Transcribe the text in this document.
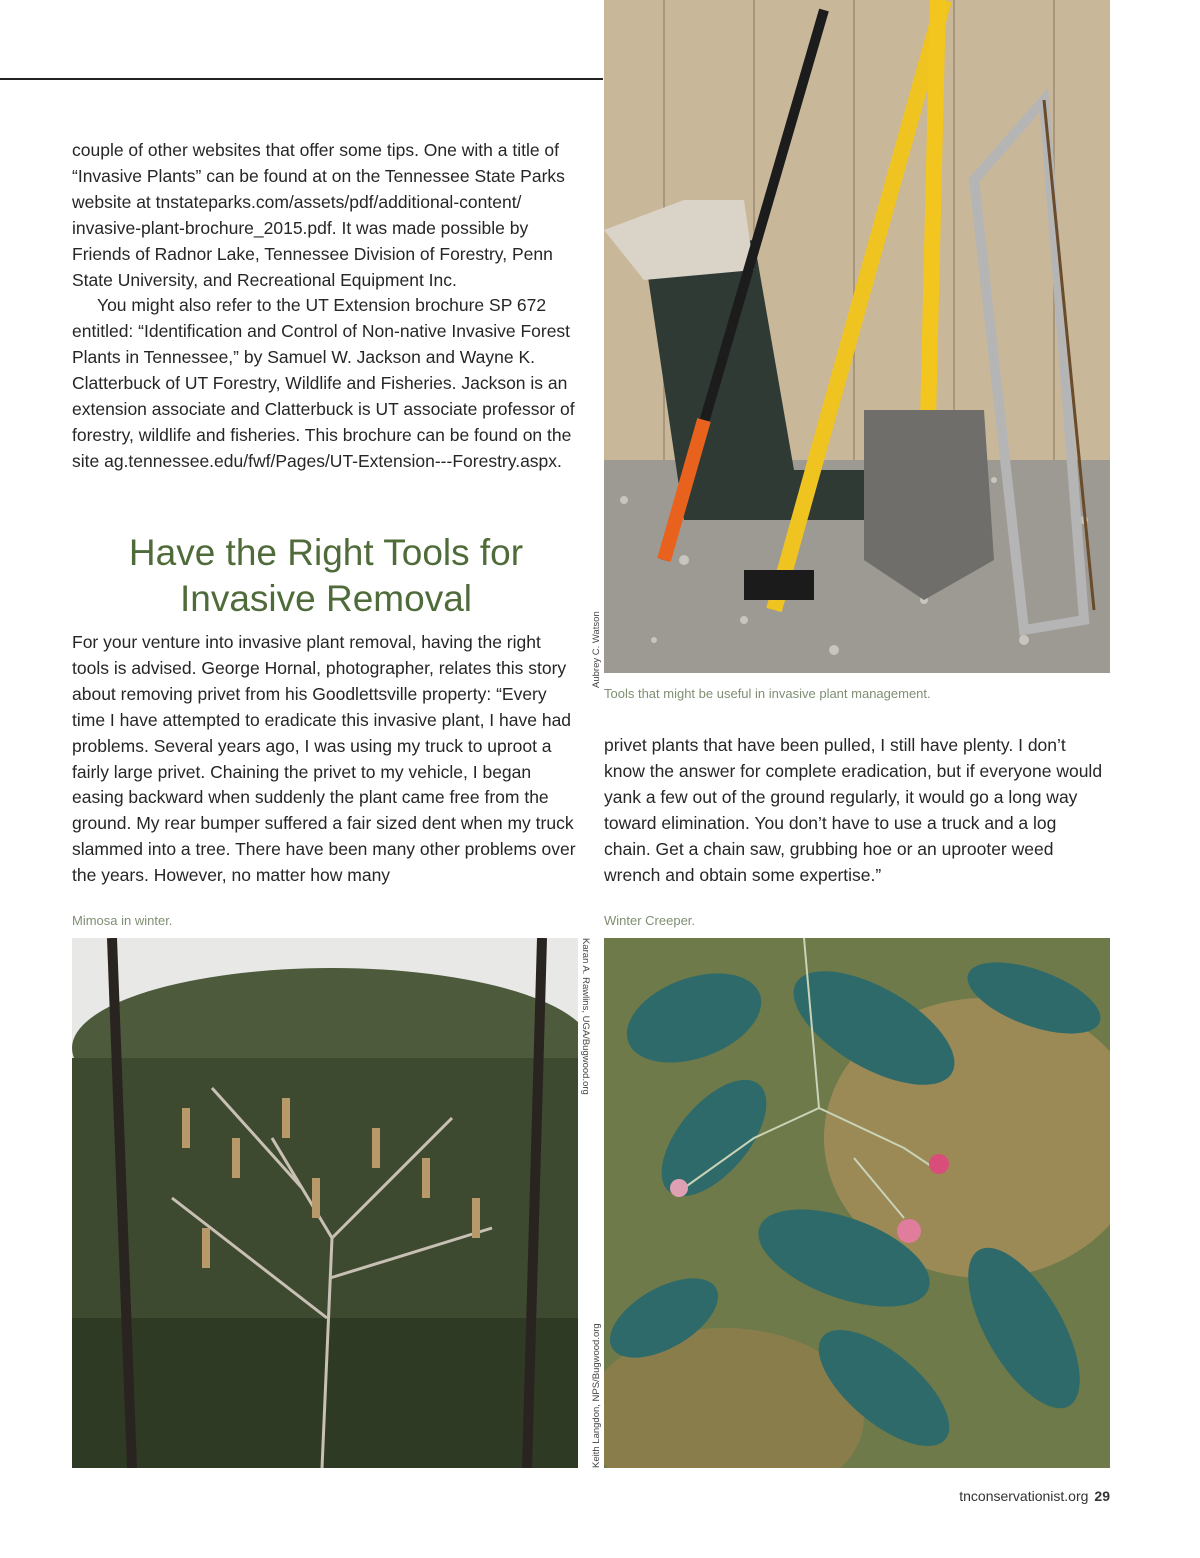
couple of other websites that offer some tips. One with a title of “Invasive Plants” can be found at on the Tennessee State Parks website at tnstateparks.com/assets/pdf/additional-content/ invasive-plant-brochure_2015.pdf. It was made possible by Friends of Radnor Lake, Tennessee Division of Forestry, Penn State University, and Recreational Equipment Inc.

You might also refer to the UT Extension brochure SP 672 entitled: “Identification and Control of Non-native Invasive Forest Plants in Tennessee,” by Samuel W. Jackson and Wayne K. Clatterbuck of UT Forestry, Wildlife and Fisheries. Jackson is an extension associate and Clatterbuck is UT associate professor of forestry, wildlife and fisheries. This brochure can be found on the site ag.tennessee.edu/fwf/Pages/UT-Extension---Forestry.aspx.

Have the Right Tools for Invasive Removal

For your venture into invasive plant removal, having the right tools is advised. George Hornal, photographer, relates this story about removing privet from his Goodlettsville property: “Every time I have attempted to eradicate this invasive plant, I have had problems. Several years ago, I was using my truck to uproot a fairly large privet. Chaining the privet to my vehicle, I began easing backward when suddenly the plant came free from the ground. My rear bumper suffered a fair sized dent when my truck slammed into a tree. There have been many other problems over the years. However, no matter how many

privet plants that have been pulled, I still have plenty. I don’t know the answer for complete eradication, but if everyone would yank a few out of the ground regularly, it would go a long way toward elimination. You don’t have to use a truck and a log chain. Get a chain saw, grubbing hoe or an uprooter weed wrench and obtain some expertise.”

Tools that might be useful in invasive plant management.
Aubrey C. Watson
Mimosa in winter.
Karan A. Rawlins, UGA/Bugwood.org
Winter Creeper.
Keith Langdon, NPS/Bugwood.org
tnconservationist.org 29
